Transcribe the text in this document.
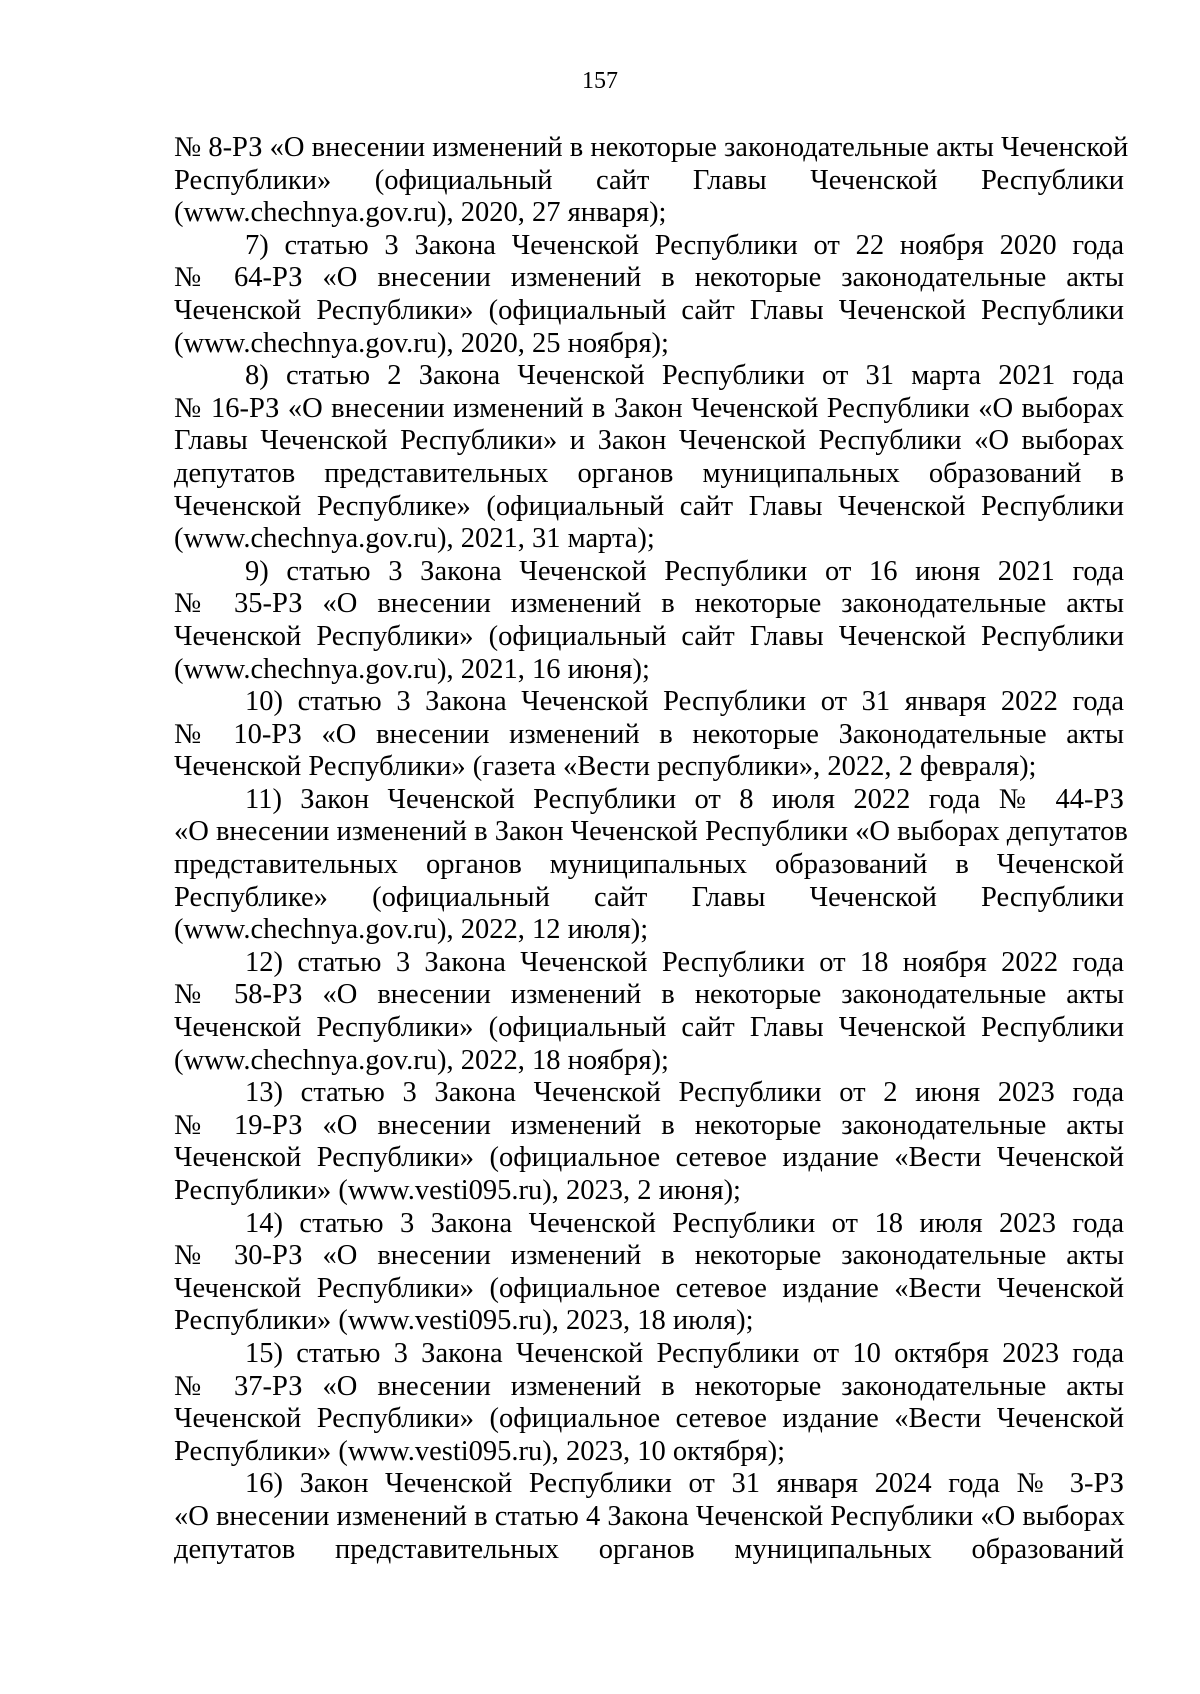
157
№ 8-РЗ «О внесении изменений в некоторые законодательные акты Чеченской
Республики» (официальный сайт Главы Чеченской Республики
(www.chechnya.gov.ru), 2020, 27 января);
7) статью 3 Закона Чеченской Республики от 22 ноября 2020 года
№ 64-РЗ «О внесении изменений в некоторые законодательные акты
Чеченской Республики» (официальный сайт Главы Чеченской Республики
(www.chechnya.gov.ru), 2020, 25 ноября);
8) статью 2 Закона Чеченской Республики от 31 марта 2021 года
№ 16-РЗ «О внесении изменений в Закон Чеченской Республики «О выборах
Главы Чеченской Республики» и Закон Чеченской Республики «О выборах
депутатов представительных органов муниципальных образований в
Чеченской Республике» (официальный сайт Главы Чеченской Республики
(www.chechnya.gov.ru), 2021, 31 марта);
9) статью 3 Закона Чеченской Республики от 16 июня 2021 года
№ 35-РЗ «О внесении изменений в некоторые законодательные акты
Чеченской Республики» (официальный сайт Главы Чеченской Республики
(www.chechnya.gov.ru), 2021, 16 июня);
10) статью 3 Закона Чеченской Республики от 31 января 2022 года
№ 10-РЗ «О внесении изменений в некоторые Законодательные акты
Чеченской Республики» (газета «Вести республики», 2022, 2 февраля);
11) Закон Чеченской Республики от 8 июля 2022 года № 44-РЗ
«О внесении изменений в Закон Чеченской Республики «О выборах депутатов
представительных органов муниципальных образований в Чеченской
Республике» (официальный сайт Главы Чеченской Республики
(www.chechnya.gov.ru), 2022, 12 июля);
12) статью 3 Закона Чеченской Республики от 18 ноября 2022 года
№ 58-РЗ «О внесении изменений в некоторые законодательные акты
Чеченской Республики» (официальный сайт Главы Чеченской Республики
(www.chechnya.gov.ru), 2022, 18 ноября);
13) статью 3 Закона Чеченской Республики от 2 июня 2023 года
№ 19-РЗ «О внесении изменений в некоторые законодательные акты
Чеченской Республики» (официальное сетевое издание «Вести Чеченской
Республики» (www.vesti095.ru), 2023, 2 июня);
14) статью 3 Закона Чеченской Республики от 18 июля 2023 года
№ 30-РЗ «О внесении изменений в некоторые законодательные акты
Чеченской Республики» (официальное сетевое издание «Вести Чеченской
Республики» (www.vesti095.ru), 2023, 18 июля);
15) статью 3 Закона Чеченской Республики от 10 октября 2023 года
№ 37-РЗ «О внесении изменений в некоторые законодательные акты
Чеченской Республики» (официальное сетевое издание «Вести Чеченской
Республики» (www.vesti095.ru), 2023, 10 октября);
16) Закон Чеченской Республики от 31 января 2024 года № 3-РЗ
«О внесении изменений в статью 4 Закона Чеченской Республики «О выборах
депутатов представительных органов муниципальных образований
